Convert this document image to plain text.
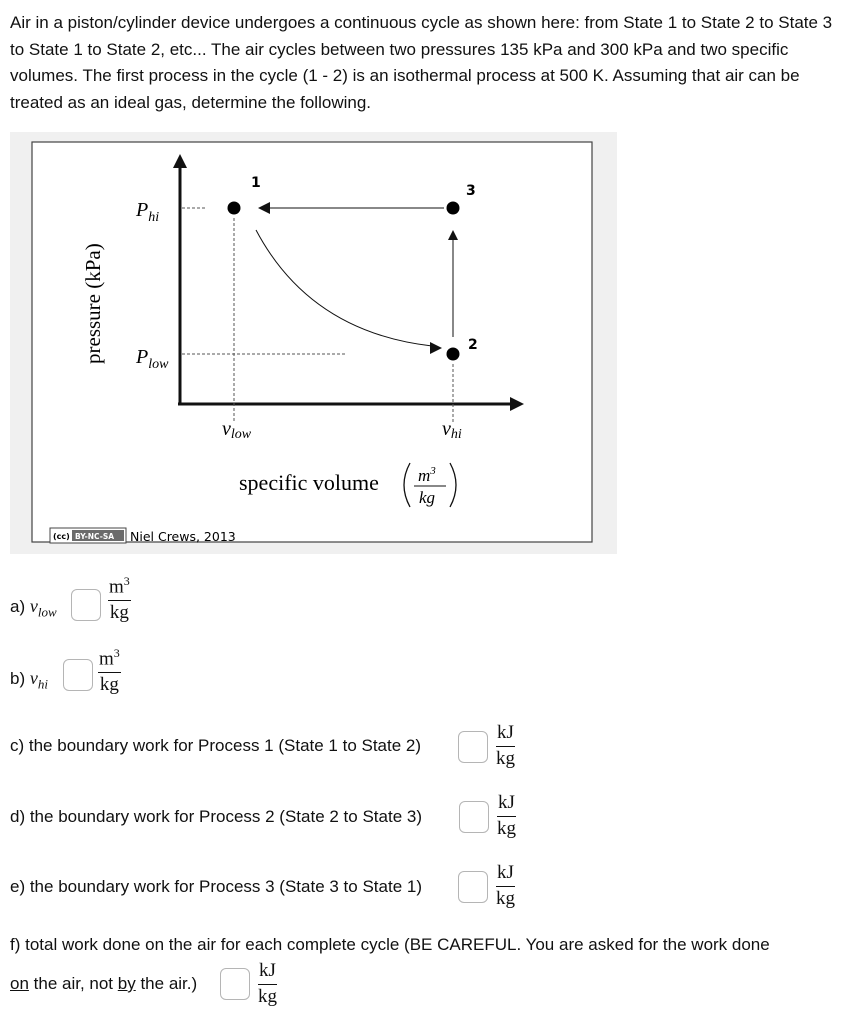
Air in a piston/cylinder device undergoes a continuous cycle as shown here: from State 1 to State 2 to State 3 to State 1 to State 2, etc... The air cycles between two pressures 135 kPa and 300 kPa and two specific volumes. The first process in the cycle (1 - 2) is an isothermal process at 500 K. Assuming that air can be treated as an ideal gas, determine the following.

1
2
3
pressure (kPa)
$P_{hi}$
$P_{low}$
vlow	vhi
specific volume $m^3$
kg
(cc) BY-NC-SA Niel Crews, 2013
a) $v_{low}$	$\frac{m^3}{kg}$
b) $v_{hi}$	$\frac{m^3}{kg}$
c) the boundary work for Process 1 (State 1 to State 2)	$\frac{kJ}{kg}$
d) the boundary work for Process 2 (State 2 to State 3)	$\frac{kJ}{kg}$
e) the boundary work for Process 3 (State 3 to State 1)	$\frac{kJ}{kg}$
f) total work done on the air for each complete cycle (BE CAREFUL. You are asked for the work done
on the air, not by the air.)	$\frac{kJ}{kg}$
